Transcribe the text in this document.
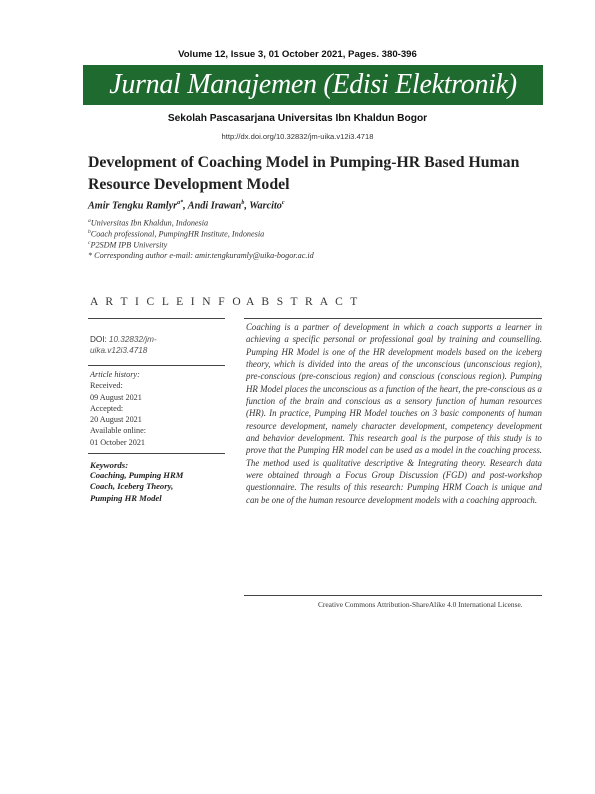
Volume 12, Issue 3, 01 October 2021, Pages. 380-396
Jurnal Manajemen (Edisi Elektronik)
Sekolah Pascasarjana Universitas Ibn Khaldun Bogor
http://dx.doi.org/10.32832/jm-uika.v12i3.4718
Development of Coaching Model in Pumping-HR Based Human
Resource Development Model
Amir Tengku Ramlyr$^{a*}$, Andi Irawan$^b$, Warcito$^c$
$^a$Universitas Ibn Khaldun, Indonesia
$^b$Coach professional, PumpingHR Institute, Indonesia
$^c$P2SDM IPB University
* Corresponding author e-mail: amir.tengkuramly@uika-bogor.ac.id
A R T I C L E I N F O
DOI: 10.32832/jm-
uika.v12i3.4718
Article history:
Received:
09 August 2021
Accepted:
20 August 2021
Available online:
01 October 2021
Keywords:
Coaching, Pumping HRM
Coach, Iceberg Theory,
Pumping HR Model
A B S T R A C T
Coaching is a partner of development in which a coach supports a learner in achieving a specific personal or professional goal by training and counselling. Pumping HR Model is one of the HR development models based on the iceberg theory, which is divided into the areas of the unconscious (unconscious region), pre-conscious (pre-conscious region) and conscious (conscious region). Pumping HR Model places the unconscious as a function of the heart, the pre-conscious as a function of the brain and conscious as a sensory function of human resources (HR). In practice, Pumping HR Model touches on 3 basic components of human resource development, namely character development, competency development and behavior development. This research goal is the purpose of this study is to prove that the Pumping HR model can be used as a model in the coaching process. The method used is qualitative descriptive & Integrating theory. Research data were obtained through a Focus Group Discussion (FGD) and post-workshop questionnaire. The results of this research: Pumping HRM Coach is unique and can be one of the human resource development models with a coaching approach.
Creative Commons Attribution-ShareAlike 4.0 International License.
